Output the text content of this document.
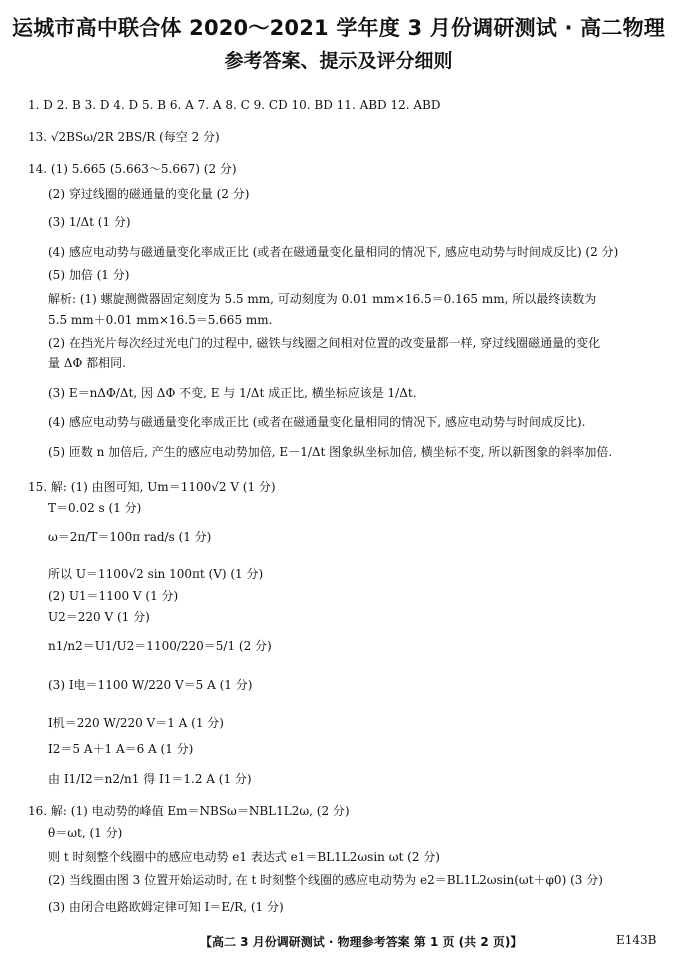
运城市高中联合体 2020～2021 学年度 3 月份调研测试 · 高二物理
参考答案、提示及评分细则
1. D 2. B 3. D 4. D 5. B 6. A 7. A 8. C 9. CD 10. BD 11. ABD 12. ABD
13. √2BSω/2R 2BS/R (每空 2 分)
14. (1) 5.665 (5.663～5.667) (2 分)
(2) 穿过线圈的磁通量的变化量 (2 分)
(3) 1/Δt (1 分)
(4) 感应电动势与磁通量变化率成正比 (或者在磁通量变化量相同的情况下, 感应电动势与时间成反比) (2 分)
(5) 加倍 (1 分)
解析: (1) 螺旋测微器固定刻度为 5.5 mm, 可动刻度为 0.01 mm×16.5＝0.165 mm, 所以最终读数为
5.5 mm＋0.01 mm×16.5＝5.665 mm.
(2) 在挡光片每次经过光电门的过程中, 磁铁与线圈之间相对位置的改变量都一样, 穿过线圈磁通量的变化
量 ΔΦ 都相同.
(3) E＝nΔΦ/Δt, 因 ΔΦ 不变, E 与 1/Δt 成正比, 横坐标应该是 1/Δt.
(4) 感应电动势与磁通量变化率成正比 (或者在磁通量变化量相同的情况下, 感应电动势与时间成反比).
(5) 匝数 n 加倍后, 产生的感应电动势加倍, E－1/Δt 图象纵坐标加倍, 横坐标不变, 所以新图象的斜率加倍.
15. 解: (1) 由图可知, Um＝1100√2 V (1 分)
T＝0.02 s (1 分)
ω＝2π/T＝100π rad/s (1 分)
所以 U＝1100√2 sin 100πt (V) (1 分)
(2) U1＝1100 V (1 分)
U2＝220 V (1 分)
n1/n2＝U1/U2＝1100/220＝5/1 (2 分)
(3) I电＝1100 W/220 V＝5 A (1 分)
I机＝220 W/220 V＝1 A (1 分)
I2＝5 A＋1 A＝6 A (1 分)
由 I1/I2＝n2/n1 得 I1＝1.2 A (1 分)
16. 解: (1) 电动势的峰值 Em＝NBSω＝NBL1L2ω, (2 分)
θ＝ωt, (1 分)
则 t 时刻整个线圈中的感应电动势 e1 表达式 e1＝BL1L2ωsin ωt (2 分)
(2) 当线圈由图 3 位置开始运动时, 在 t 时刻整个线圈的感应电动势为 e2＝BL1L2ωsin(ωt＋φ0) (3 分)
(3) 由闭合电路欧姆定律可知 I＝E/R, (1 分)
【高二 3 月份调研测试 · 物理参考答案 第 1 页 (共 2 页)】	E143B
